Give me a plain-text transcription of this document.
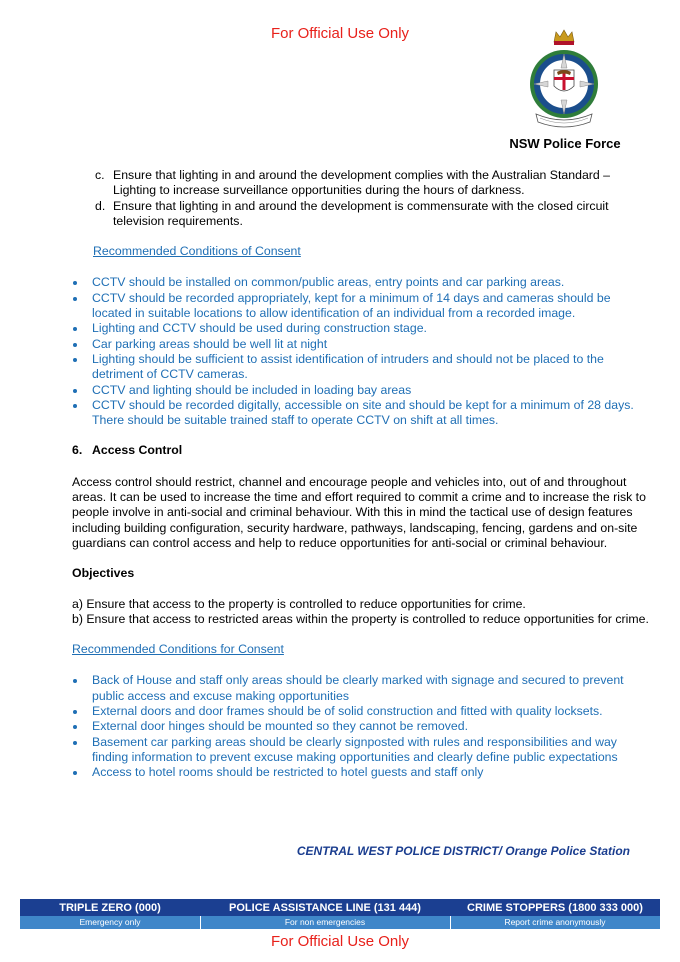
For Official Use Only
NSW Police Force
c. Ensure that lighting in and around the development complies with the Australian Standard – Lighting to increase surveillance opportunities during the hours of darkness.
d. Ensure that lighting in and around the development is commensurate with the closed circuit television requirements.
Recommended Conditions of Consent
CCTV should be installed on common/public areas, entry points and car parking areas.
CCTV should be recorded appropriately, kept for a minimum of 14 days and cameras should be located in suitable locations to allow identification of an individual from a recorded image.
Lighting and CCTV should be used during construction stage.
Car parking areas should be well lit at night
Lighting should be sufficient to assist identification of intruders and should not be placed to the detriment of CCTV cameras.
CCTV and lighting should be included in loading bay areas
CCTV should be recorded digitally, accessible on site and should be kept for a minimum of 28 days. There should be suitable trained staff to operate CCTV on shift at all times.
6. Access Control

Access control should restrict, channel and encourage people and vehicles into, out of and throughout areas. It can be used to increase the time and effort required to commit a crime and to increase the risk to people involve in anti-social and criminal behaviour. With this in mind the tactical use of design features including building configuration, security hardware, pathways, landscaping, fencing, gardens and on-site guardians can control access and help to reduce opportunities for anti-social or criminal behaviour.

Objectives

a) Ensure that access to the property is controlled to reduce opportunities for crime.

b) Ensure that access to restricted areas within the property is controlled to reduce opportunities for crime.

Recommended Conditions for Consent

Back of House and staff only areas should be clearly marked with signage and secured to prevent public access and excuse making opportunities
External doors and door frames should be of solid construction and fitted with quality locksets.
External door hinges should be mounted so they cannot be removed.
Basement car parking areas should be clearly signposted with rules and responsibilities and way finding information to prevent excuse making opportunities and clearly define public expectations
Access to hotel rooms should be restricted to hotel guests and staff only
CENTRAL WEST POLICE DISTRICT/ Orange Police Station
TRIPLE ZERO (000)
Emergency only
POLICE ASSISTANCE LINE (131 444)
For non emergencies
CRIME STOPPERS (1800 333 000)
Report crime anonymously
For Official Use Only
